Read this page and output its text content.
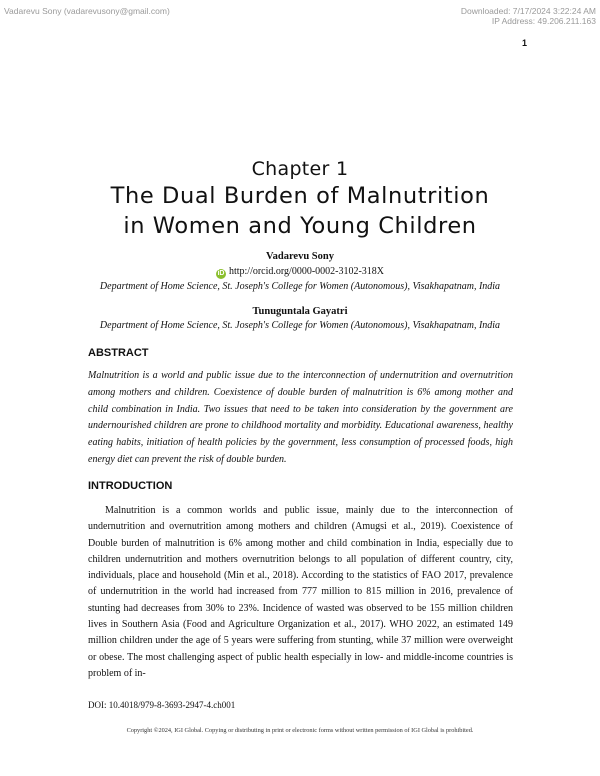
Vadarevu Sony (vadarevusony@gmail.com)	Downloaded: 7/17/2024 3:22:24 AM
IP Address: 49.206.211.163
1
Chapter 1
The Dual Burden of Malnutrition
in Women and Young Children
Vadarevu Sony
iD http://orcid.org/0000-0002-3102-318X
Department of Home Science, St. Joseph's College for Women (Autonomous), Visakhapatnam, India
Tunuguntala Gayatri
Department of Home Science, St. Joseph's College for Women (Autonomous), Visakhapatnam, India
ABSTRACT
Malnutrition is a world and public issue due to the interconnection of undernutrition and overnutrition among mothers and children. Coexistence of double burden of malnutrition is 6% among mother and child combination in India. Two issues that need to be taken into consideration by the government are undernourished children are prone to childhood mortality and morbidity. Educational awareness, healthy eating habits, initiation of health policies by the government, less consumption of processed foods, high energy diet can prevent the risk of double burden.
INTRODUCTION

Malnutrition is a common worlds and public issue, mainly due to the interconnection of undernutrition and overnutrition among mothers and children (Amugsi et al., 2019). Coexistence of Double burden of malnutrition is 6% among mother and child combination in India, especially due to children undernutrition and mothers overnutrition belongs to all population of different country, city, individuals, place and household (Min et al., 2018). According to the statistics of FAO 2017, prevalence of undernutrition in the world had increased from 777 million to 815 million in 2016, prevalence of stunting had decreases from 30% to 23%. Incidence of wasted was observed to be 155 million children lives in Southern Asia (Food and Agriculture Organization et al., 2017). WHO 2022, an estimated 149 million children under the age of 5 years were suffering from stunting, while 37 million were overweight or obese. The most challenging aspect of public health especially in low- and middle-income countries is problem of in-

DOI: 10.4018/979-8-3693-2947-4.ch001
Copyright ©2024, IGI Global. Copying or distributing in print or electronic forms without written permission of IGI Global is prohibited.
